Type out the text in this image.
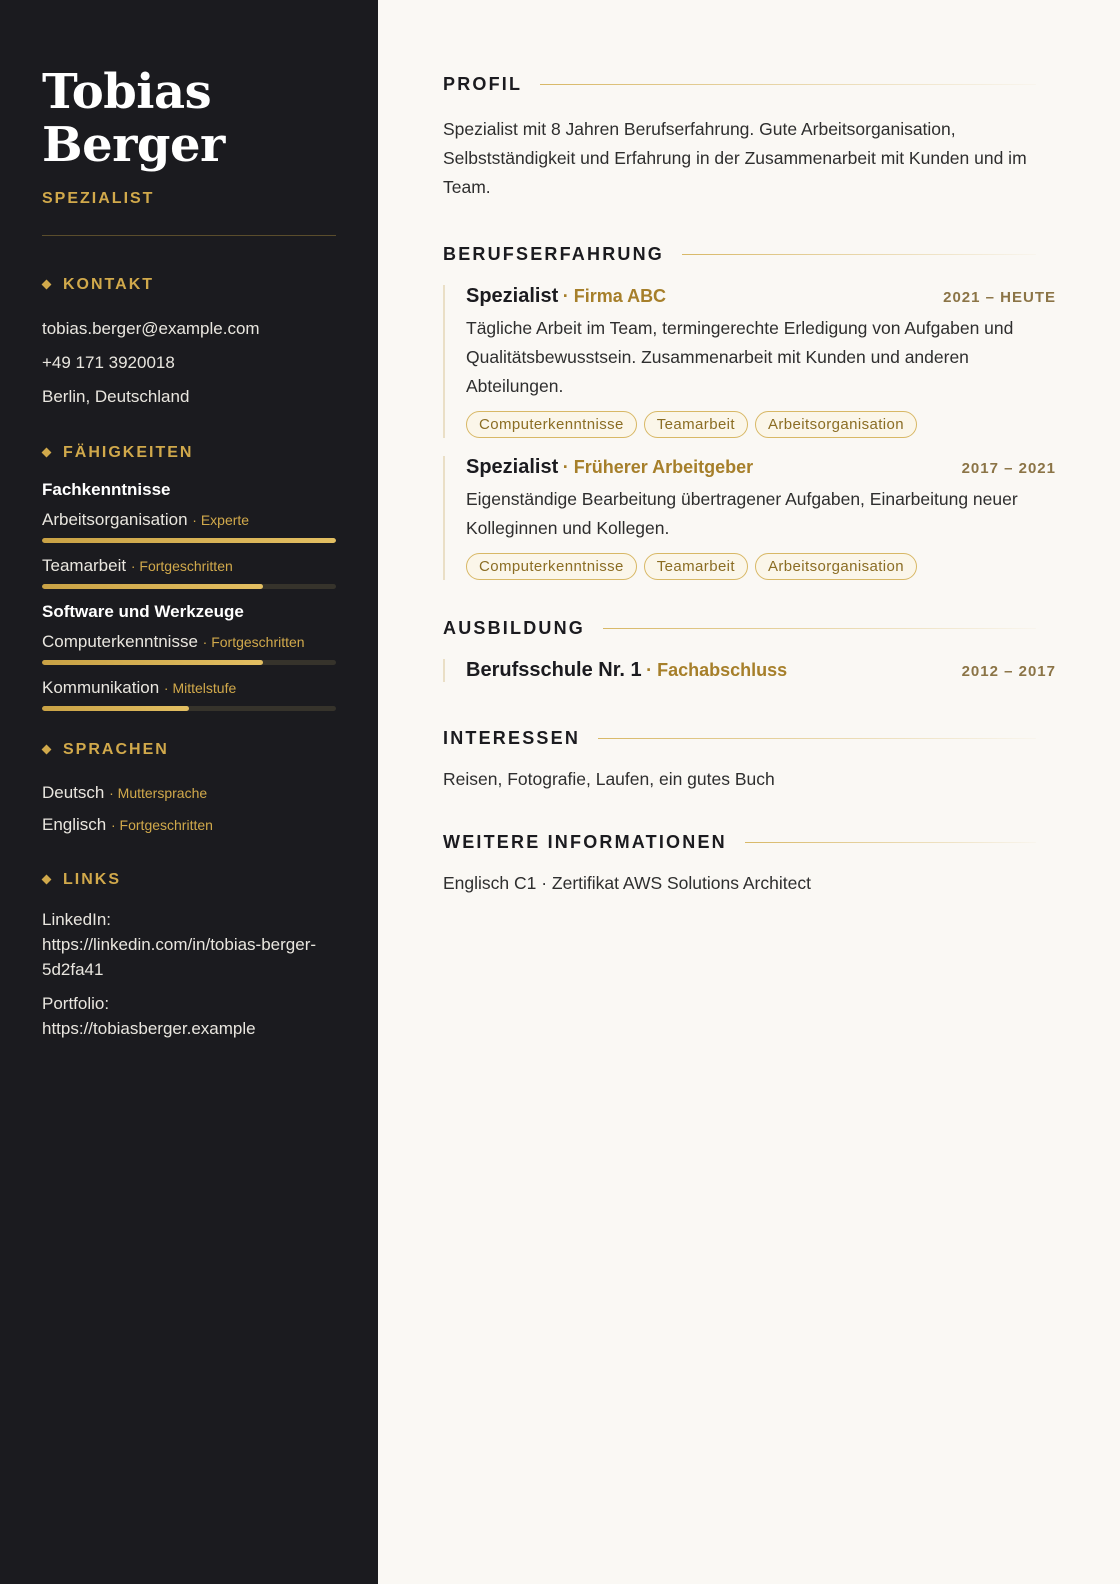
Tobias Berger
SPEZIALIST
KONTAKT
tobias.berger@example.com
+49 171 3920018
Berlin, Deutschland
FÄHIGKEITEN
Fachkenntnisse
Arbeitsorganisation · Experte
Teamarbeit · Fortgeschritten
Software und Werkzeuge
Computerkenntnisse · Fortgeschritten
Kommunikation · Mittelstufe
SPRACHEN
Deutsch · Muttersprache
Englisch · Fortgeschritten
LINKS
LinkedIn:
https://linkedin.com/in/tobias-berger-5d2fa41
Portfolio:
https://tobiasberger.example
PROFIL

Spezialist mit 8 Jahren Berufserfahrung. Gute Arbeitsorganisation, Selbstständigkeit und Erfahrung in der Zusammenarbeit mit Kunden und im Team.

BERUFSERFAHRUNG
Spezialist · Firma ABC	2021 – HEUTE
Tägliche Arbeit im Team, termingerechte Erledigung von Aufgaben und Qualitätsbewusstsein. Zusammenarbeit mit Kunden und anderen Abteilungen.
Computerkenntnisse	Teamarbeit	Arbeitsorganisation
Spezialist · Früherer Arbeitgeber	2017 – 2021
Eigenständige Bearbeitung übertragener Aufgaben, Einarbeitung neuer Kolleginnen und Kollegen.
Computerkenntnisse	Teamarbeit	Arbeitsorganisation
AUSBILDUNG
Berufsschule Nr. 1 · Fachabschluss	2012 – 2017
INTERESSEN

Reisen, Fotografie, Laufen, ein gutes Buch

WEITERE INFORMATIONEN

Englisch C1 · Zertifikat AWS Solutions Architect
